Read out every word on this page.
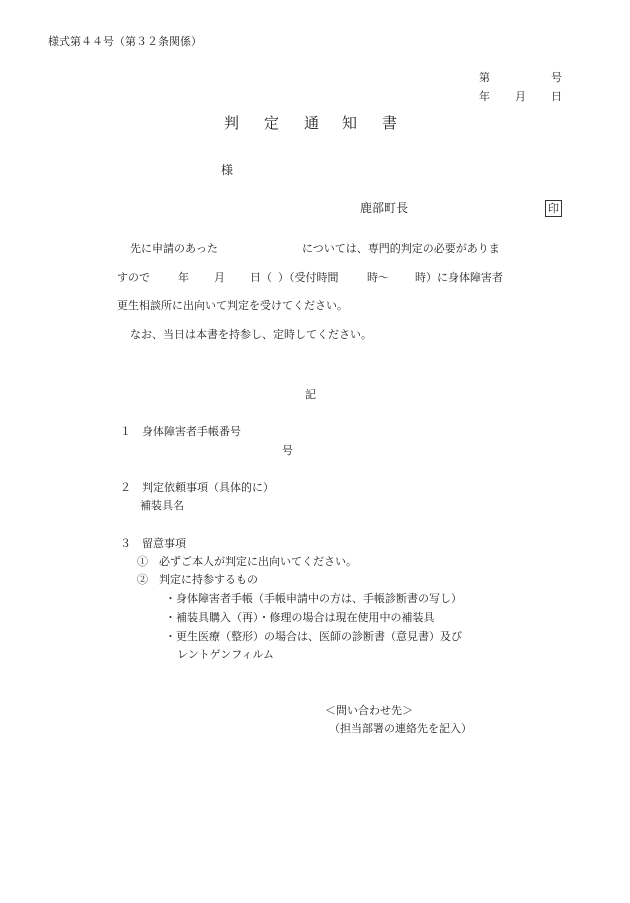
様式第４４号（第３２条関係）
第	号
年 月 日
判 定 通 知 書
様
鹿部町長	印
先に申請のあった	については、専門的判定の必要がありま
すので	年 月 日（ ）（受付時間	時～ 時）に身体障害者
更生相談所に出向いて判定を受けてください。
なお、当日は本書を持参し、定時してください。
記
１　身体障害者手帳番号
号
２　判定依頼事項（具体的に）
補装具名
３　留意事項
①　必ずご本人が判定に出向いてください。
②　判定に持参するもの
・身体障害者手帳（手帳申請中の方は、手帳診断書の写し）
・補装具購入（再）・修理の場合は現在使用中の補装具
・更生医療（整形）の場合は、医師の診断書（意見書）及び
レントゲンフィルム
＜問い合わせ先＞
（担当部署の連絡先を記入）
